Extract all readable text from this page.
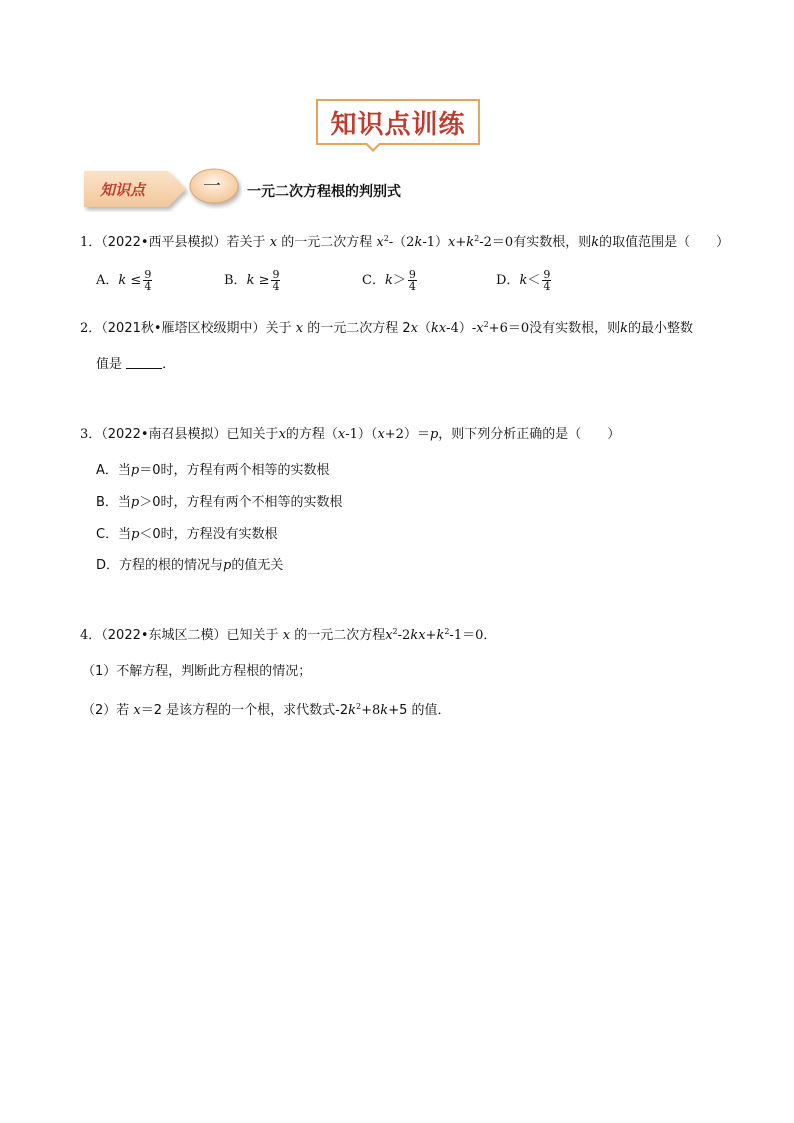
知识点训练
知识点	一 一元二次方程根的判别式
1．（2022•西平县模拟）若关于 x 的一元二次方程 $x^2-(2k-1)x+k^2-2=0$有实数根，则k的取值范围是（　　）
A．$k \le \frac{9}{4}$	B．$k \ge \frac{9}{4}$	C．$k> \frac{9}{4}$	D．$k< \frac{9}{4}$
2．（2021秋•雁塔区校级期中）关于 x 的一元二次方程 $2x(kx-4)-x^2+6=0$没有实数根，则k的最小整数
值是	．
3．（2022•南召县模拟）已知关于x的方程（x-1）（x+2）＝p，则下列分析正确的是（　　）
A．当p＝0时，方程有两个相等的实数根
B．当p＞0时，方程有两个不相等的实数根
C．当p＜0时，方程没有实数根
D．方程的根的情况与p的值无关
4．（2022•东城区二模）已知关于 x 的一元二次方程$x^2-2kx+k^2-1=0$．
（1）不解方程，判断此方程根的情况；
（2）若 x＝2 是该方程的一个根，求代数式$-2k^2+8k+5$ 的值．
